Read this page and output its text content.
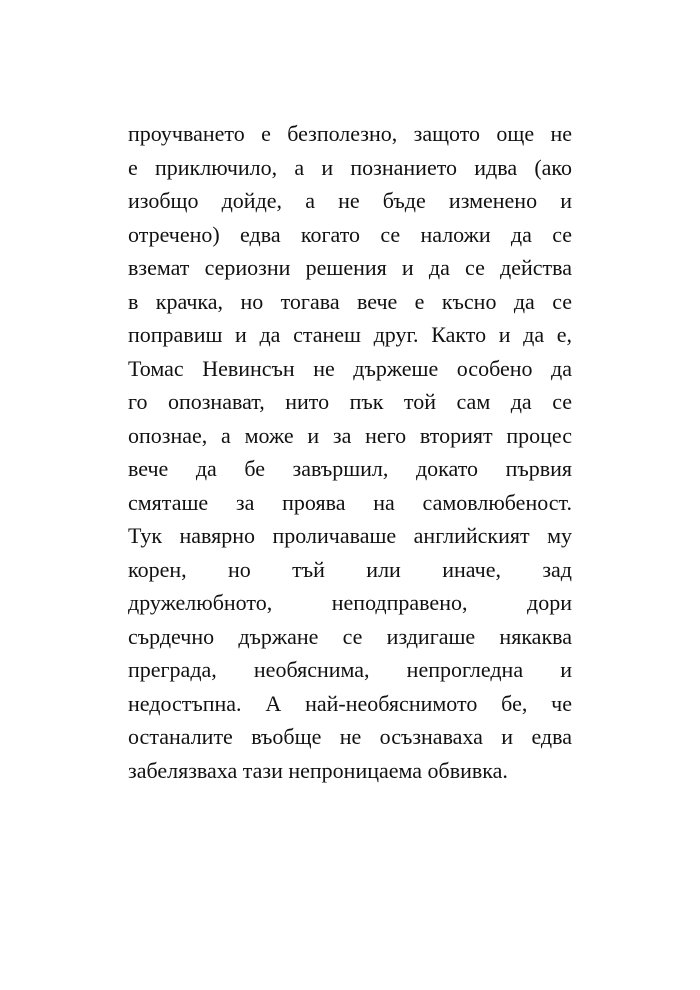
проучването е безполезно, защото още не
е приключило, а и познанието идва (ако
изобщо дойде, а не бъде изменено и
отречено) едва когато се наложи да се
вземат сериозни решения и да се действа
в крачка, но тогава вече е късно да се
поправиш и да станеш друг. Както и да е,
Томас Невинсън не държеше особено да
го опознават, нито пък той сам да се
опознае, а може и за него вторият процес
вече да бе завършил, докато първия
смяташе за проява на самовлюбеност.
Тук навярно проличаваше английският му
корен, но тъй или иначе, зад
дружелюбното, неподправено, дори
сърдечно държане се издигаше някаква
преграда, необяснима, непрогледна и
недостъпна. А най-необяснимото бе, че
останалите въобще не осъзнаваха и едва
забелязваха тази непроницаема обвивка.
